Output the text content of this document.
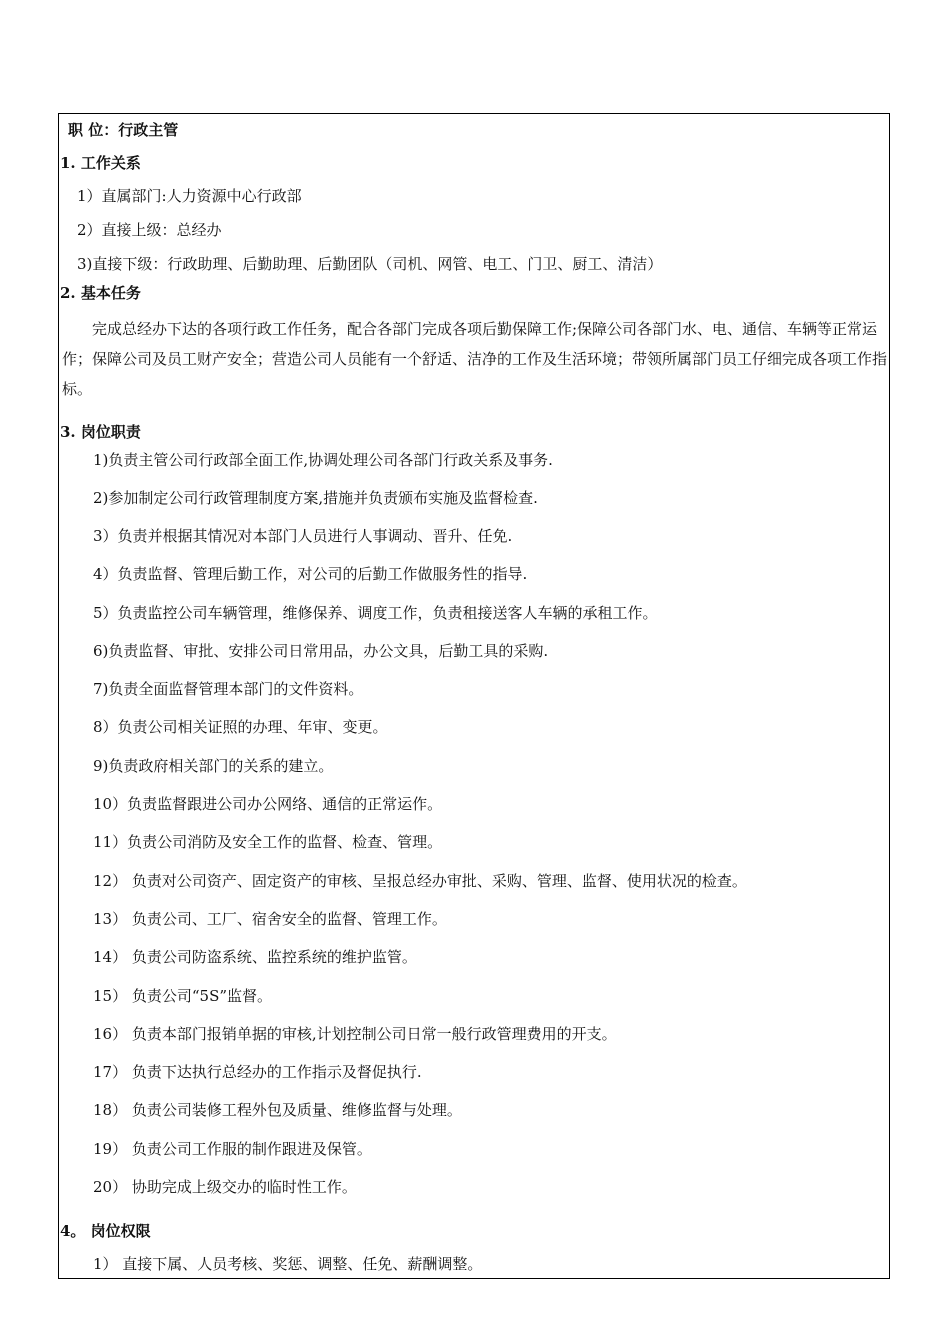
职 位：行政主管
1. 工作关系
1）直属部门:人力资源中心行政部
2）直接上级：总经办
3)直接下级：行政助理、后勤助理、后勤团队（司机、网管、电工、门卫、厨工、清洁）
2. 基本任务
完成总经办下达的各项行政工作任务，配合各部门完成各项后勤保障工作;保障公司各部门水、电、通信、车辆等正常运作；保障公司及员工财产安全；营造公司人员能有一个舒适、洁净的工作及生活环境；带领所属部门员工仔细完成各项工作指标。
3. 岗位职责
1)负责主管公司行政部全面工作,协调处理公司各部门行政关系及事务.
2)参加制定公司行政管理制度方案,措施并负责颁布实施及监督检查.
3）负责并根据其情况对本部门人员进行人事调动、晋升、任免.
4）负责监督、管理后勤工作，对公司的后勤工作做服务性的指导.
5）负责监控公司车辆管理，维修保养、调度工作，负责租接送客人车辆的承租工作。
6)负责监督、审批、安排公司日常用品，办公文具，后勤工具的采购.
7)负责全面监督管理本部门的文件资料。
8）负责公司相关证照的办理、年审、变更。
9)负责政府相关部门的关系的建立。
10）负责监督跟进公司办公网络、通信的正常运作。
11）负责公司消防及安全工作的监督、检查、管理。
12） 负责对公司资产、固定资产的审核、呈报总经办审批、采购、管理、监督、使用状况的检查。
13） 负责公司、工厂、宿舍安全的监督、管理工作。
14） 负责公司防盗系统、监控系统的维护监管。
15） 负责公司“5S”监督。
16） 负责本部门报销单据的审核,计划控制公司日常一般行政管理费用的开支。
17） 负责下达执行总经办的工作指示及督促执行.
18） 负责公司装修工程外包及质量、维修监督与处理。
19） 负责公司工作服的制作跟进及保管。
20） 协助完成上级交办的临时性工作。
4。 岗位权限
1） 直接下属、人员考核、奖惩、调整、任免、薪酬调整。
